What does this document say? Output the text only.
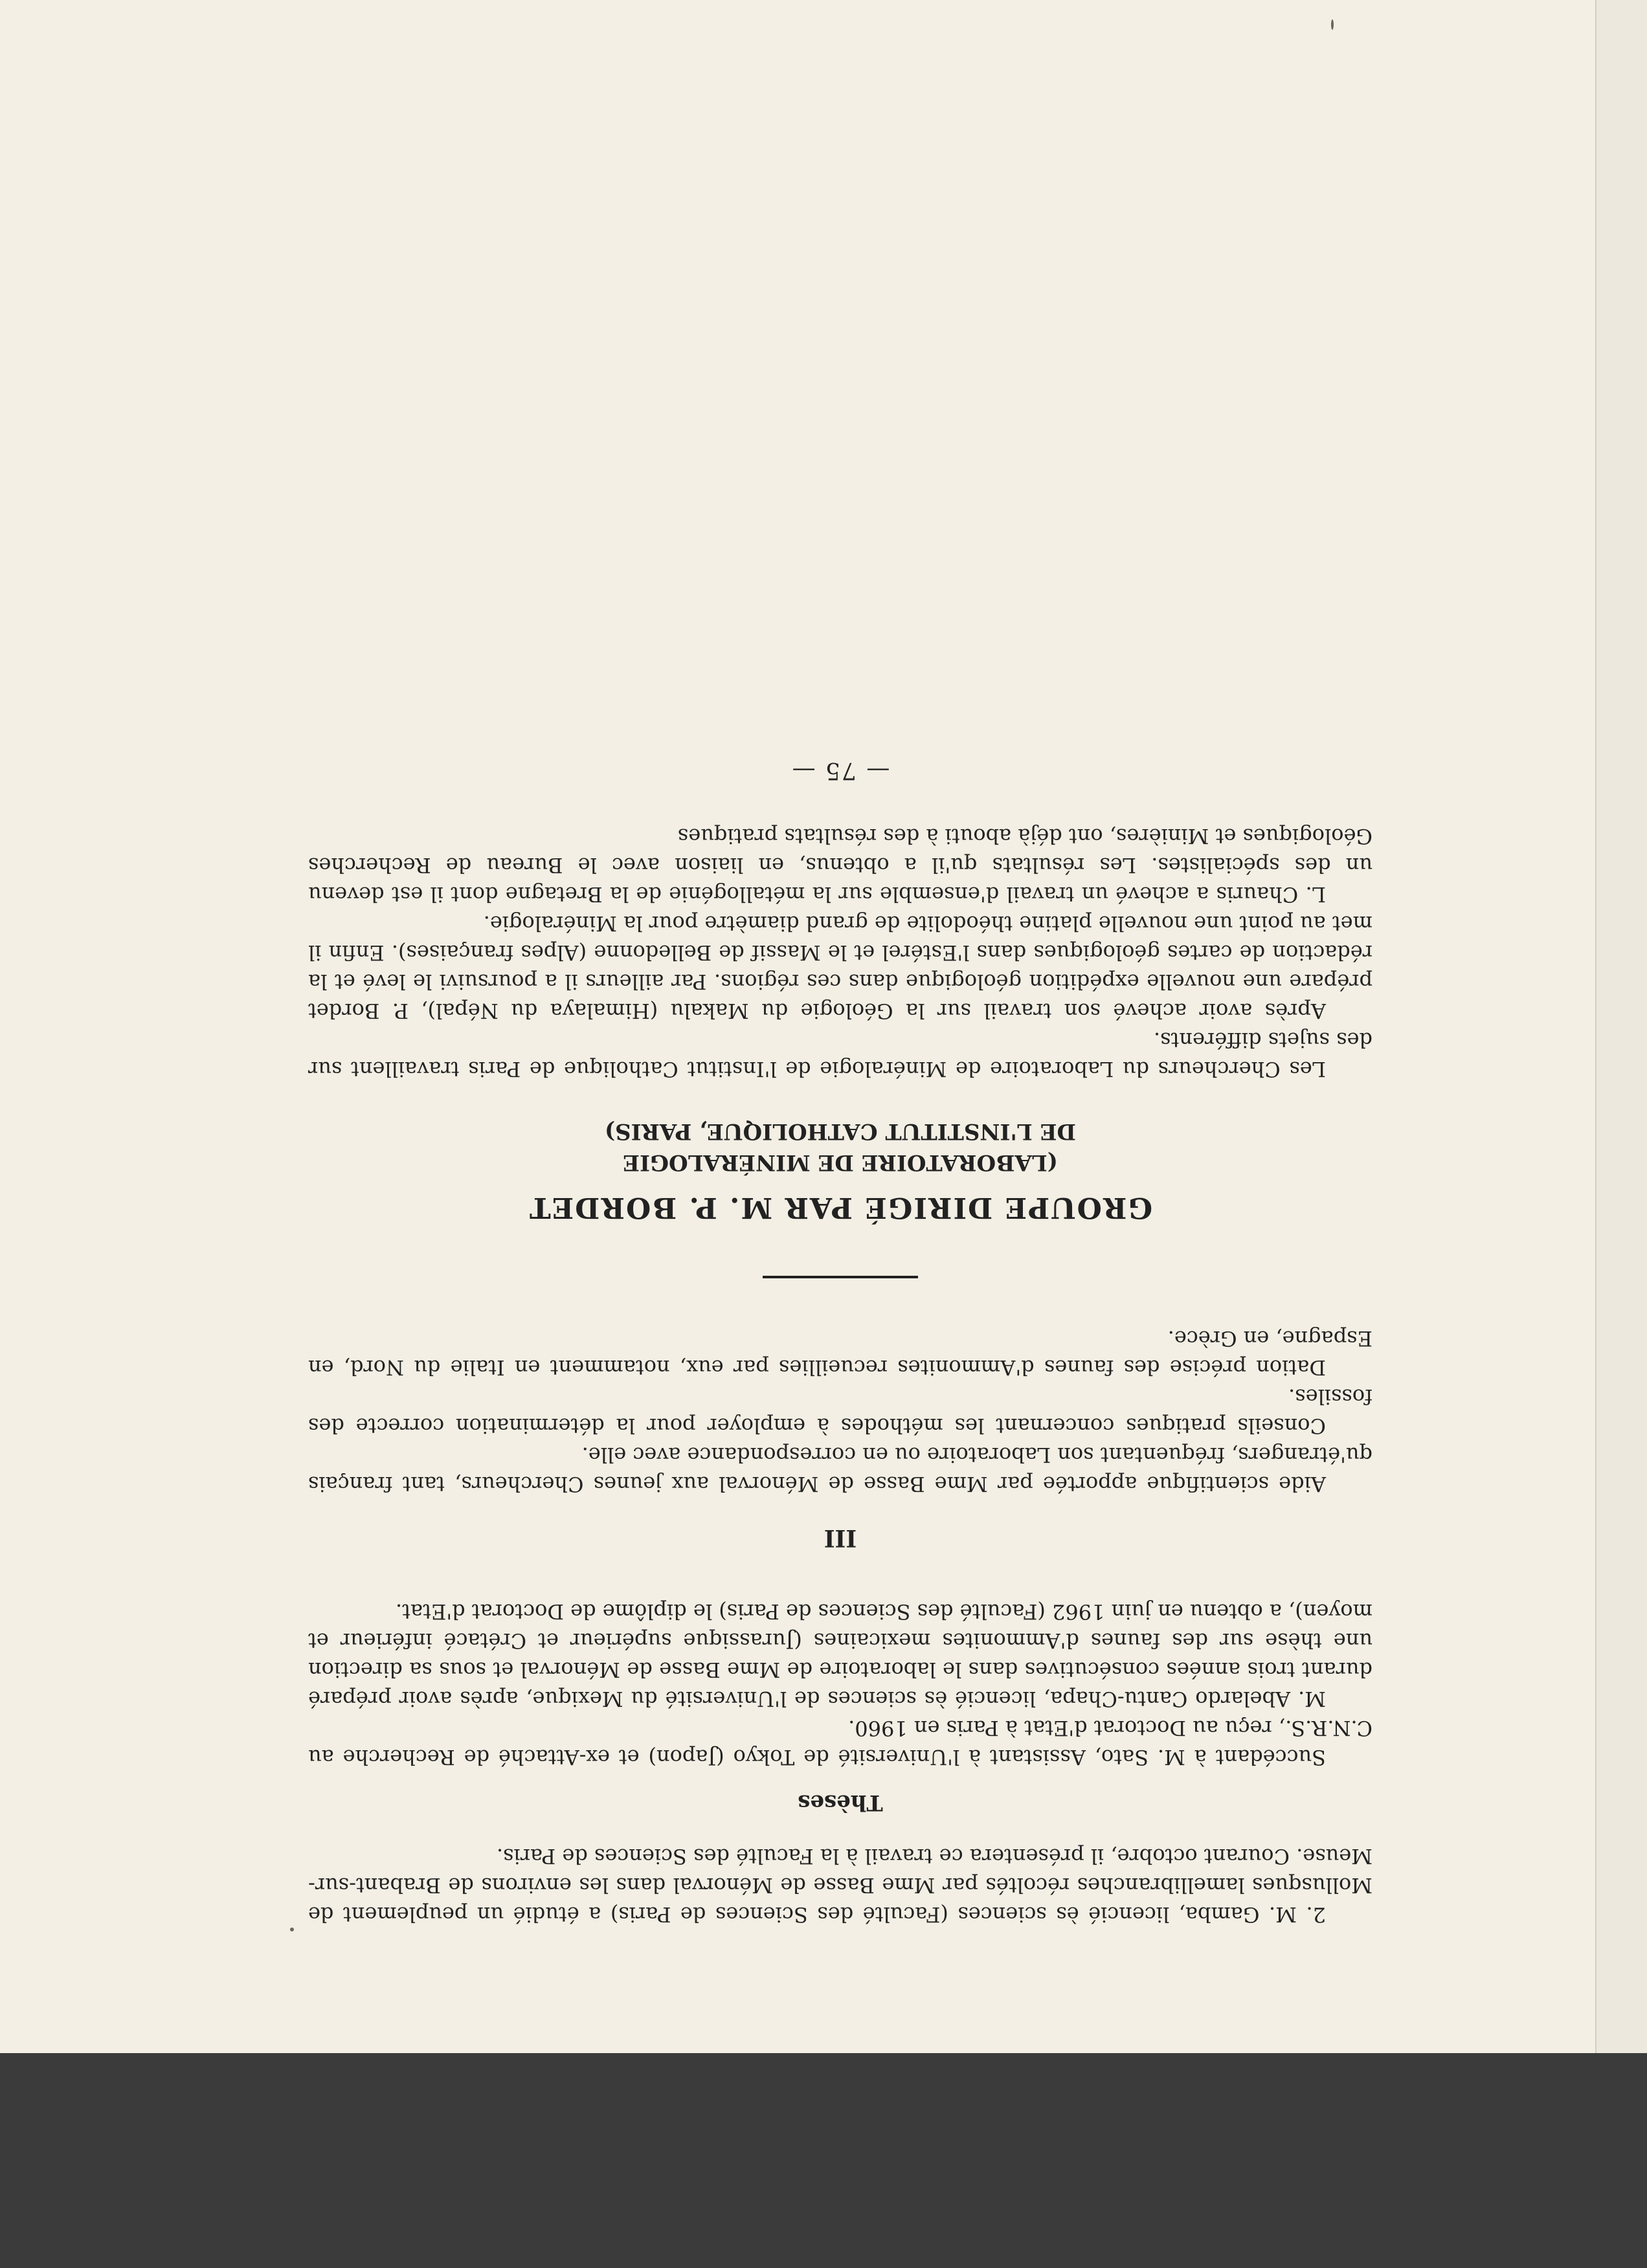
2. M. Gamba, licencié ès sciences (Faculté des Sciences de Paris) a étudié un peuplement de Mollusques lamellibranches récoltés par Mme Basse de Ménorval dans les environs de Brabant-sur-Meuse. Courant octobre, il présentera ce travail à la Faculté des Sciences de Paris.

Thèses

Succédant à M. Sato, Assistant à l'Université de Tokyo (Japon) et ex-Attaché de Recherche au C.N.R.S., reçu au Doctorat d'Etat à Paris en 1960.

M. Abelardo Cantu-Chapa, licencié ès sciences de l'Université du Mexique, après avoir préparé durant trois années consécutives dans le laboratoire de Mme Basse de Ménorval et sous sa direction une thèse sur des faunes d'Ammonites mexicaines (Jurassique supérieur et Crétacé inférieur et moyen), a obtenu en juin 1962 (Faculté des Sciences de Paris) le diplôme de Doctorat d'Etat.

III

Aide scientifique apportée par Mme Basse de Ménorval aux jeunes Chercheurs, tant français qu'étrangers, fréquentant son Laboratoire ou en correspondance avec elle.

Conseils pratiques concernant les méthodes à employer pour la détermination correcte des fossiles.

Dation précise des faunes d'Ammonites recueillies par eux, notamment en Italie du Nord, en Espagne, en Grèce.

GROUPE DIRIGÉ PAR M. P. BORDET
(LABORATOIRE DE MINÉRALOGIE
DE L'INSTITUT CATHOLIQUE, PARIS)

Les Chercheurs du Laboratoire de Minéralogie de l'Institut Catholique de Paris travaillent sur des sujets différents.

Après avoir achevé son travail sur la Géologie du Makalu (Himalaya du Népal), P. Bordet prépare une nouvelle expédition géologique dans ces régions. Par ailleurs il a poursuivi le levé et la rédaction de cartes géologiques dans l'Estérel et le Massif de Belledonne (Alpes françaises). Enfin il met au point une nouvelle platine théodolite de grand diamètre pour la Minéralogie.

L. Chauris a achevé un travail d'ensemble sur la métallogénie de la Bretagne dont il est devenu un des spécialistes. Les résultats qu'il a obtenus, en liaison avec le Bureau de Recherches Géologiques et Minières, ont déjà abouti à des résultats pratiques

— 75 —
